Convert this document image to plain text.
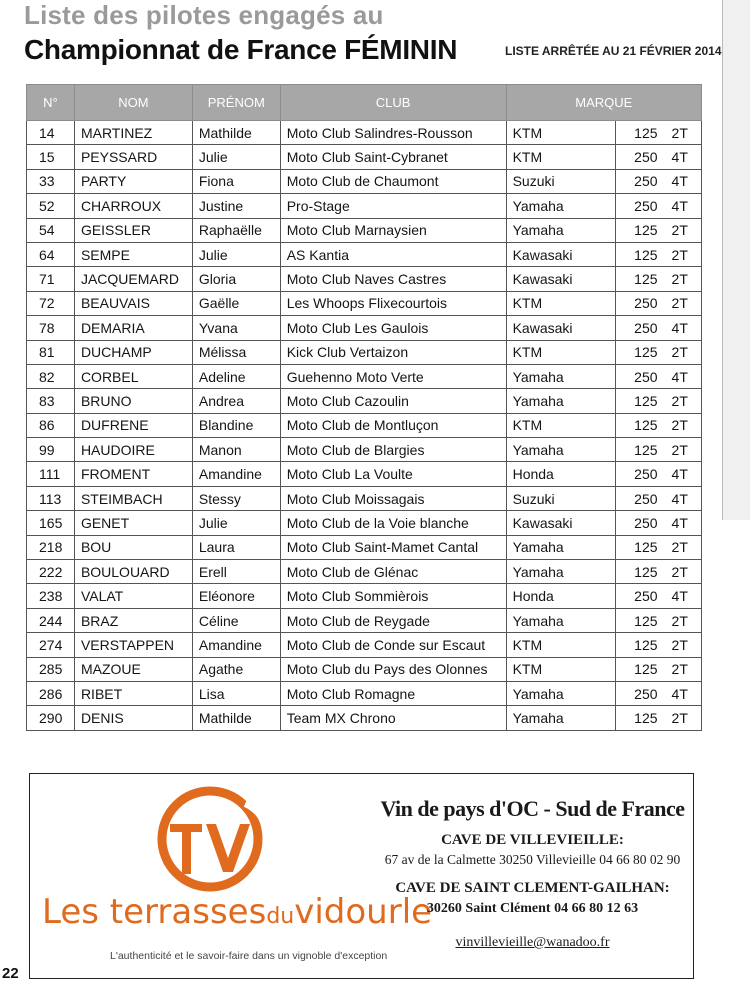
Liste des pilotes engagés au
Championnat de France FÉMININ	LISTE ARRÊTÉE AU 21 FÉVRIER 2014
N°	NOM	PRÉNOM	CLUB	MARQUE		
14	MARTINEZ	Mathilde	Moto Club Salindres-Rousson	KTM	125	2T
15	PEYSSARD	Julie	Moto Club Saint-Cybranet	KTM	250	4T
33	PARTY	Fiona	Moto Club de Chaumont	Suzuki	250	4T
52	CHARROUX	Justine	Pro-Stage	Yamaha	250	4T
54	GEISSLER	Raphaëlle	Moto Club Marnaysien	Yamaha	125	2T
64	SEMPE	Julie	AS Kantia	Kawasaki	125	2T
71	JACQUEMARD	Gloria	Moto Club Naves Castres	Kawasaki	125	2T
72	BEAUVAIS	Gaëlle	Les Whoops Flixecourtois	KTM	250	2T
78	DEMARIA	Yvana	Moto Club Les Gaulois	Kawasaki	250	4T
81	DUCHAMP	Mélissa	Kick Club Vertaizon	KTM	125	2T
82	CORBEL	Adeline	Guehenno Moto Verte	Yamaha	250	4T
83	BRUNO	Andrea	Moto Club Cazoulin	Yamaha	125	2T
86	DUFRENE	Blandine	Moto Club de Montluçon	KTM	125	2T
99	HAUDOIRE	Manon	Moto Club de Blargies	Yamaha	125	2T
111	FROMENT	Amandine	Moto Club La Voulte	Honda	250	4T
113	STEIMBACH	Stessy	Moto Club Moissagais	Suzuki	250	4T
165	GENET	Julie	Moto Club de la Voie blanche	Kawasaki	250	4T
218	BOU	Laura	Moto Club Saint-Mamet Cantal	Yamaha	125	2T
222	BOULOUARD	Erell	Moto Club de Glénac	Yamaha	125	2T
238	VALAT	Eléonore	Moto Club Sommièrois	Honda	250	4T
244	BRAZ	Céline	Moto Club de Reygade	Yamaha	125	2T
274	VERSTAPPEN	Amandine	Moto Club de Conde sur Escaut	KTM	125	2T
285	MAZOUE	Agathe	Moto Club du Pays des Olonnes	KTM	125	2T
286	RIBET	Lisa	Moto Club Romagne	Yamaha	250	4T
290	DENIS	Mathilde	Team MX Chrono	Yamaha	125	2T
Les terrassesduvidourle
L'authenticité et le savoir-faire dans un vignoble d'exception
Vin de pays d'OC - Sud de France
CAVE DE VILLEVIEILLE:
67 av de la Calmette 30250 Villevieille 04 66 80 02 90
CAVE DE SAINT CLEMENT-GAILHAN:
30260 Saint Clément 04 66 80 12 63
vinvillevieille@wanadoo.fr
22
